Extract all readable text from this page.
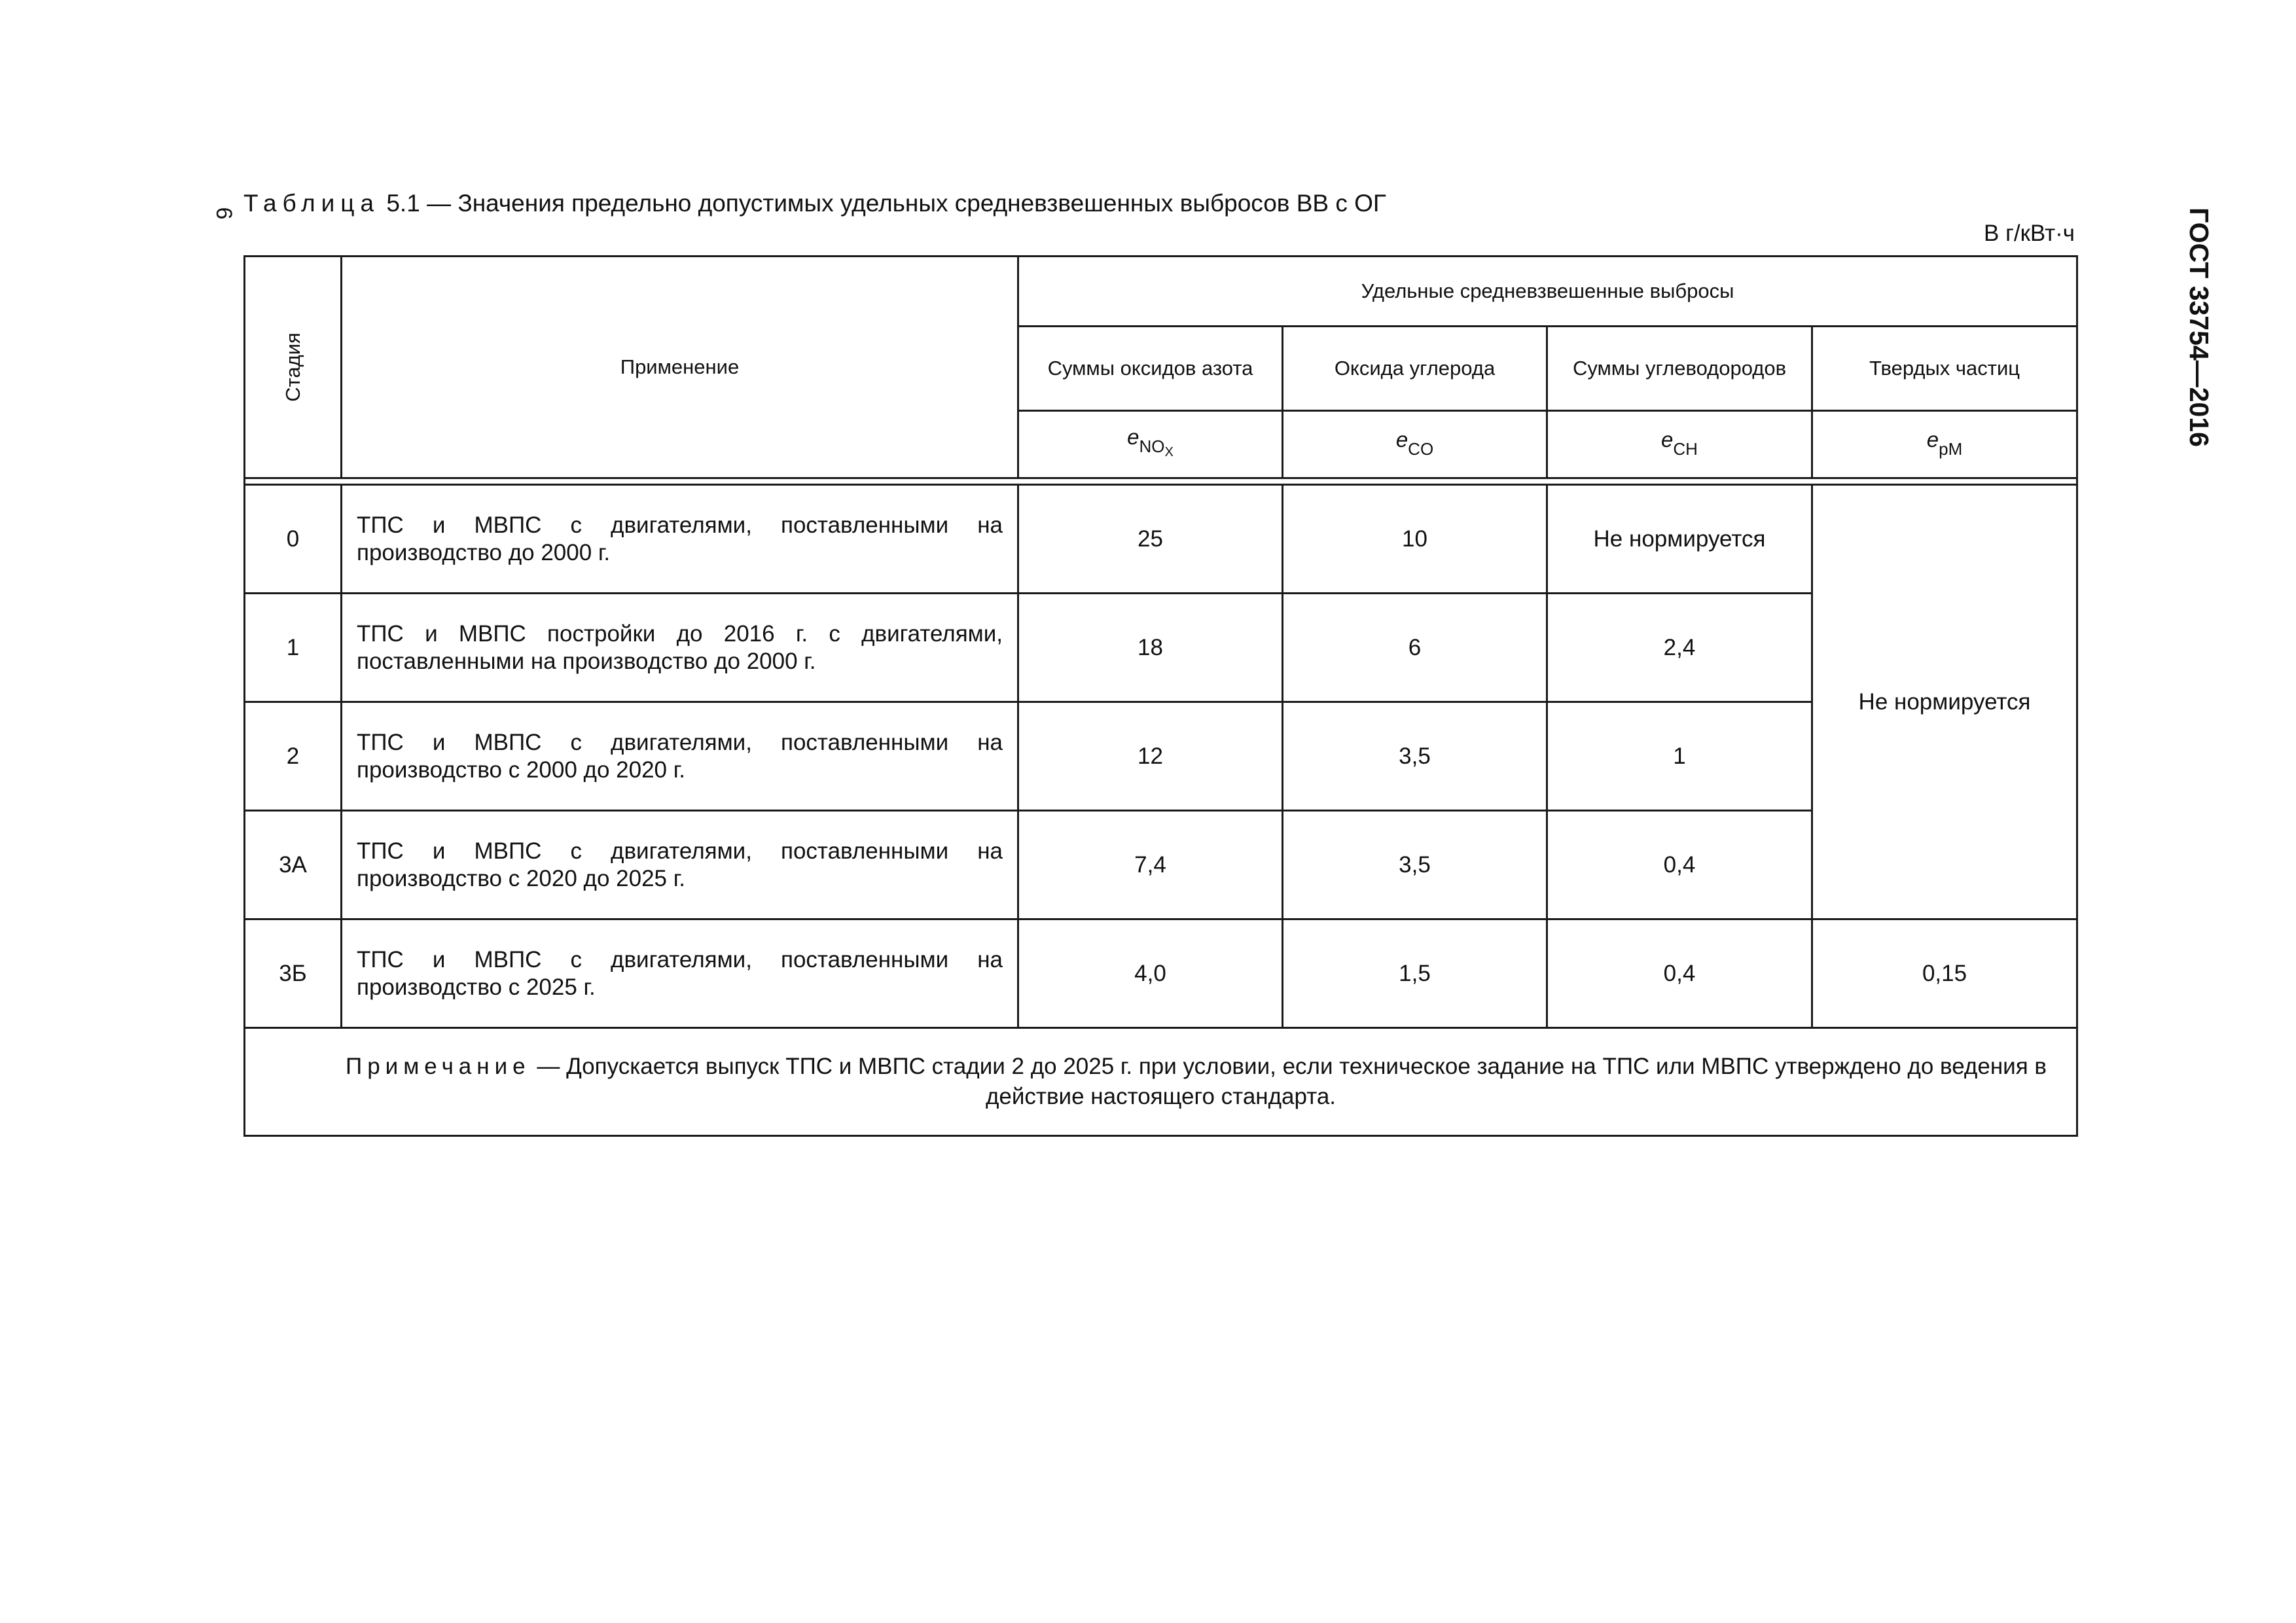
6	ГОСТ 33754—2016
Таблица 5.1 — Значения предельно допустимых удельных средневзвешенных выбросов ВВ с ОГ
В г/кВт·ч
Стадия	Применение	Удельные средневзвешенные выбросы			
		Суммы оксидов азота	Оксида углерода	Суммы углеводородов	Твердых частиц
		$e_{NO_X}$	$e_{CO}$	$e_{CH}$	$e_{pM}$

0	ТПС и МВПС с двигателями, поставленными на производство до 2000 г.	25	10	Не нормируется	Не нормируется
1	ТПС и МВПС постройки до 2016 г. с двигателями, поставленными на производство до 2000 г.	18	6	2,4	
2	ТПС и МВПС с двигателями, поставленными на производство с 2000 до 2020 г.	12	3,5	1	
3А	ТПС и МВПС с двигателями, поставленными на производство с 2020 до 2025 г.	7,4	3,5	0,4	
3Б	ТПС и МВПС с двигателями, поставленными на производство с 2025 г.	4,0	1,5	0,4	0,15
Примечание — Допускается выпуск ТПС и МВПС стадии 2 до 2025 г. при условии, если техническое задание на ТПС или МВПС утверждено до ведения в действие настоящего стандарта.					
